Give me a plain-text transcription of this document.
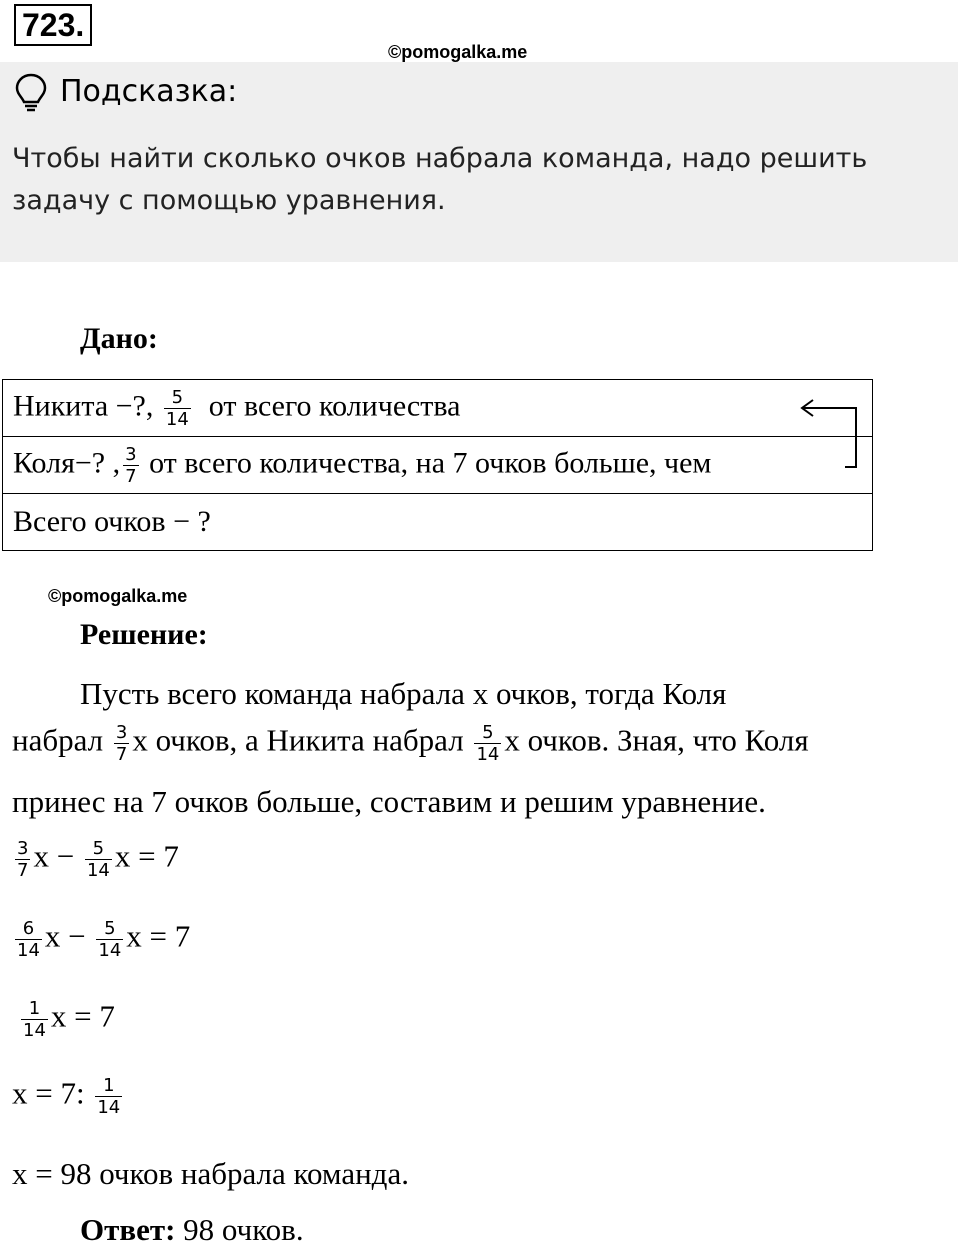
723.
©pomogalka.me
Подсказка:
Чтобы найти сколько очков набрала команда, надо решить задачу с помощью уравнения.
Дано:
Никита −?, $\frac{5}{14}$ от всего количества
Коля−? , $\frac{3}{7}$ от всего количества, на 7 очков больше, чем
Всего очков − ?
©pomogalka.me
Решение:
Пусть всего команда набрала x очков, тогда Коля
набрал $\frac{3}{7}$ x очков, а Никита набрал $\frac{5}{14}$ x очков. Зная, что Коля
принес на 7 очков больше, составим и решим уравнение.
$\frac{3}{7}$ $x - \frac{5}{14}$ x = 7
$\frac{6}{14}$ $x - \frac{5}{14}$ x = 7
$\frac{1}{14}$ x = 7
x = 7: $\frac{1}{14}$
x = 98 очков набрала команда.
Ответ: 98 очков.
